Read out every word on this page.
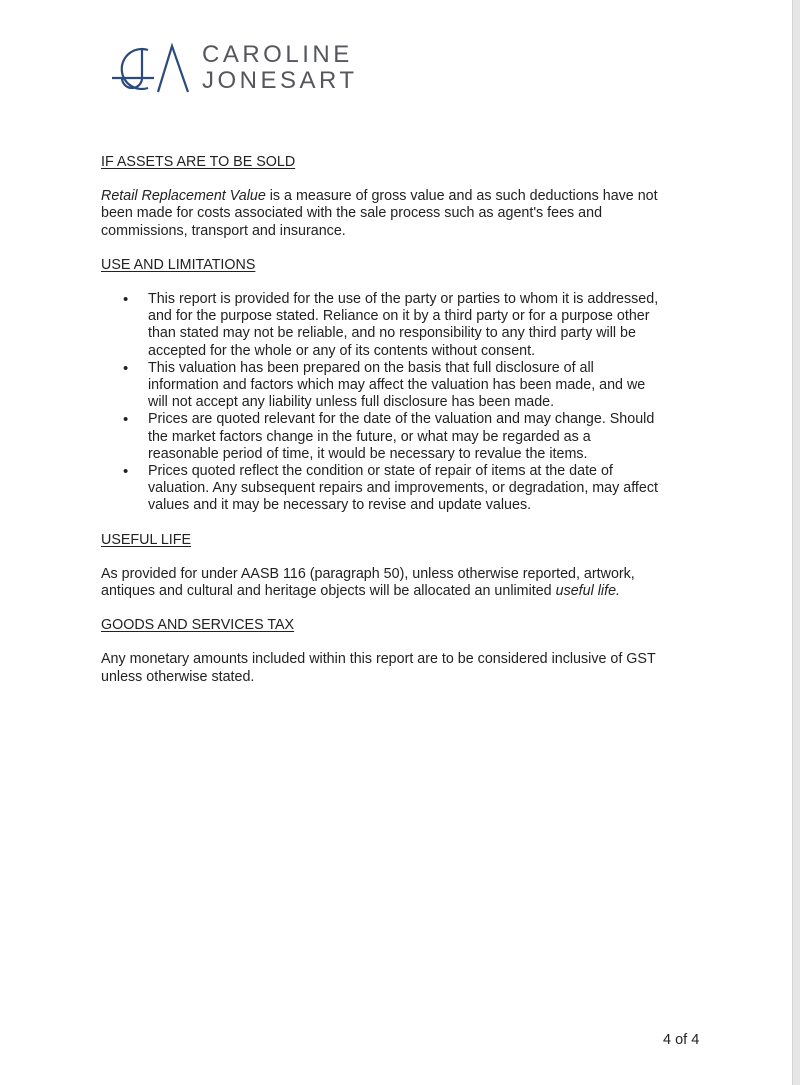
CAROLINE
JONESART
IF ASSETS ARE TO BE SOLD
Retail Replacement Value is a measure of gross value and as such deductions have not
been made for costs associated with the sale process such as agent's fees and
commissions, transport and insurance.
USE AND LIMITATIONS
• This report is provided for the use of the party or parties to whom it is addressed,
and for the purpose stated. Reliance on it by a third party or for a purpose other
than stated may not be reliable, and no responsibility to any third party will be
accepted for the whole or any of its contents without consent.
• This valuation has been prepared on the basis that full disclosure of all
information and factors which may affect the valuation has been made, and we
will not accept any liability unless full disclosure has been made.
• Prices are quoted relevant for the date of the valuation and may change. Should
the market factors change in the future, or what may be regarded as a
reasonable period of time, it would be necessary to revalue the items.
• Prices quoted reflect the condition or state of repair of items at the date of
valuation. Any subsequent repairs and improvements, or degradation, may affect
values and it may be necessary to revise and update values.
USEFUL LIFE
As provided for under AASB 116 (paragraph 50), unless otherwise reported, artwork,
antiques and cultural and heritage objects will be allocated an unlimited useful life.
GOODS AND SERVICES TAX
Any monetary amounts included within this report are to be considered inclusive of GST
unless otherwise stated.
4 of 4
